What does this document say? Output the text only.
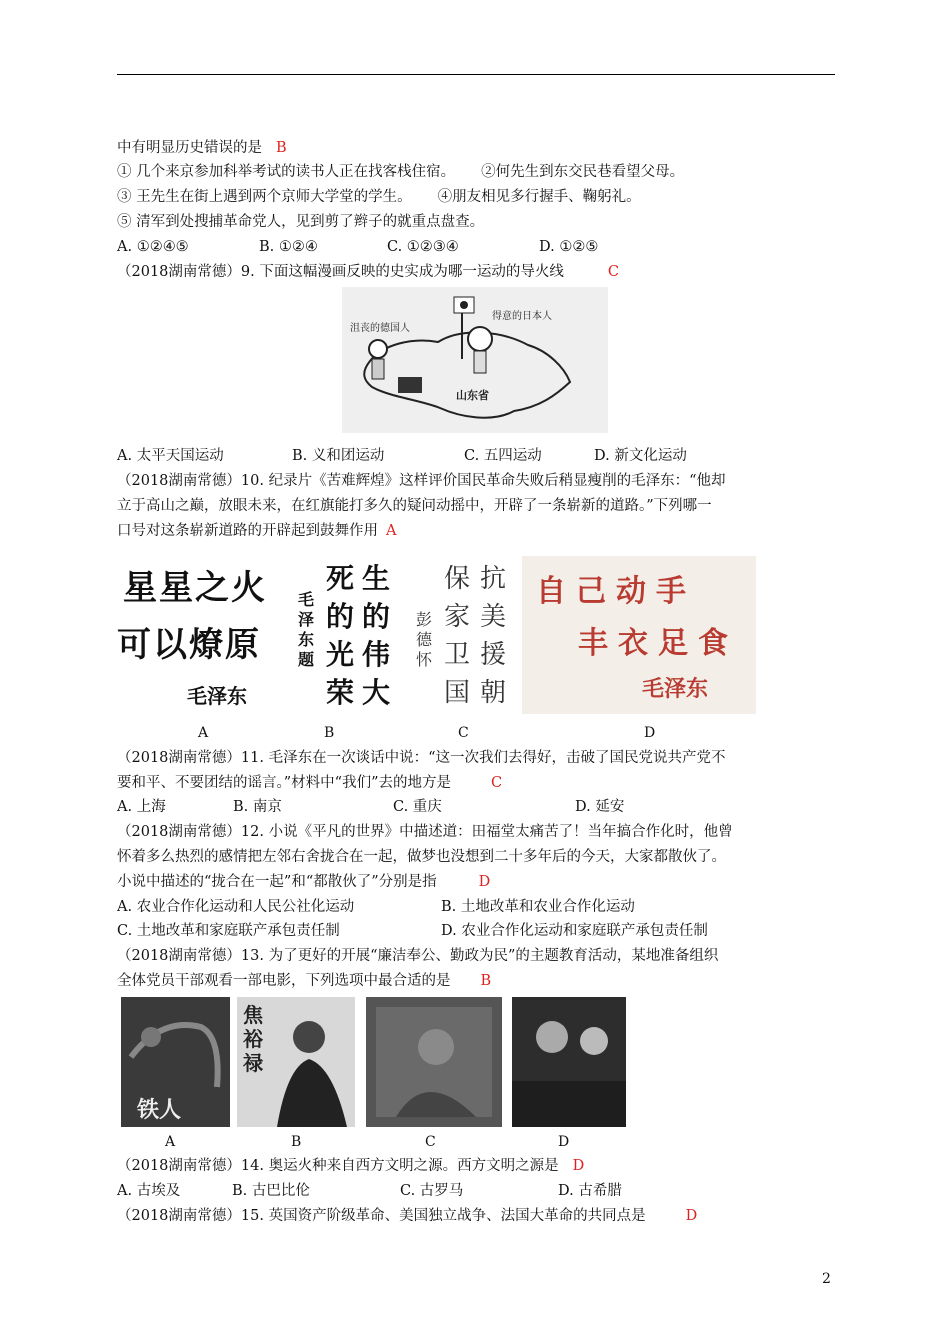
中有明显历史错误的是 B
① 几个来京参加科举考试的读书人正在找客栈住宿。 ②何先生到东交民巷看望父母。
③ 王先生在街上遇到两个京师大学堂的学生。 ④朋友相见多行握手、鞠躬礼。
⑤ 清军到处搜捕革命党人，见到剪了辫子的就重点盘查。
A. ①②④⑤	B. ①②④	C. ①②③④	D. ①②⑤
（2018湖南常德）9. 下面这幅漫画反映的史实成为哪一运动的导火线	C
沮丧的德国人
得意的日本人
山东省
A. 太平天国运动	B. 义和团运动	C. 五四运动	D. 新文化运动
（2018湖南常德）10. 纪录片《苦难辉煌》这样评价国民革命失败后稍显瘦削的毛泽东：“他却
立于高山之巅，放眼未来，在红旗能打多久的疑问动摇中，开辟了一条崭新的道路。”下列哪一
口号对这条崭新道路的开辟起到鼓舞作用 A
星星之火
可以燎原
毛泽东
毛泽东题
死的光荣
生的伟大
彭德怀
保家卫国
抗美援朝
自己动手
丰衣足食
毛泽东
A	B	C	D
（2018湖南常德）11. 毛泽东在一次谈话中说：“这一次我们去得好，击破了国民党说共产党不
要和平、不要团结的谣言。”材料中“我们”去的地方是	C
A. 上海	B. 南京	C. 重庆	D. 延安
（2018湖南常德）12. 小说《平凡的世界》中描述道：田福堂太痛苦了！当年搞合作化时，他曾
怀着多么热烈的感情把左邻右舍拢合在一起，做梦也没想到二十多年后的今天，大家都散伙了。
小说中描述的“拢合在一起”和“都散伙了”分别是指	D
A. 农业合作化运动和人民公社化运动	B. 土地改革和农业合作化运动
C. 土地改革和家庭联产承包责任制	D. 农业合作化运动和家庭联产承包责任制
（2018湖南常德）13. 为了更好的开展“廉洁奉公、勤政为民”的主题教育活动，某地准备组织
全体党员干部观看一部电影，下列选项中最合适的是 B
铁人
焦裕禄
A	B	C	D
（2018湖南常德）14. 奥运火种来自西方文明之源。西方文明之源是 D
A. 古埃及	B. 古巴比伦	C. 古罗马	D. 古希腊
（2018湖南常德）15. 英国资产阶级革命、美国独立战争、法国大革命的共同点是	D
2
